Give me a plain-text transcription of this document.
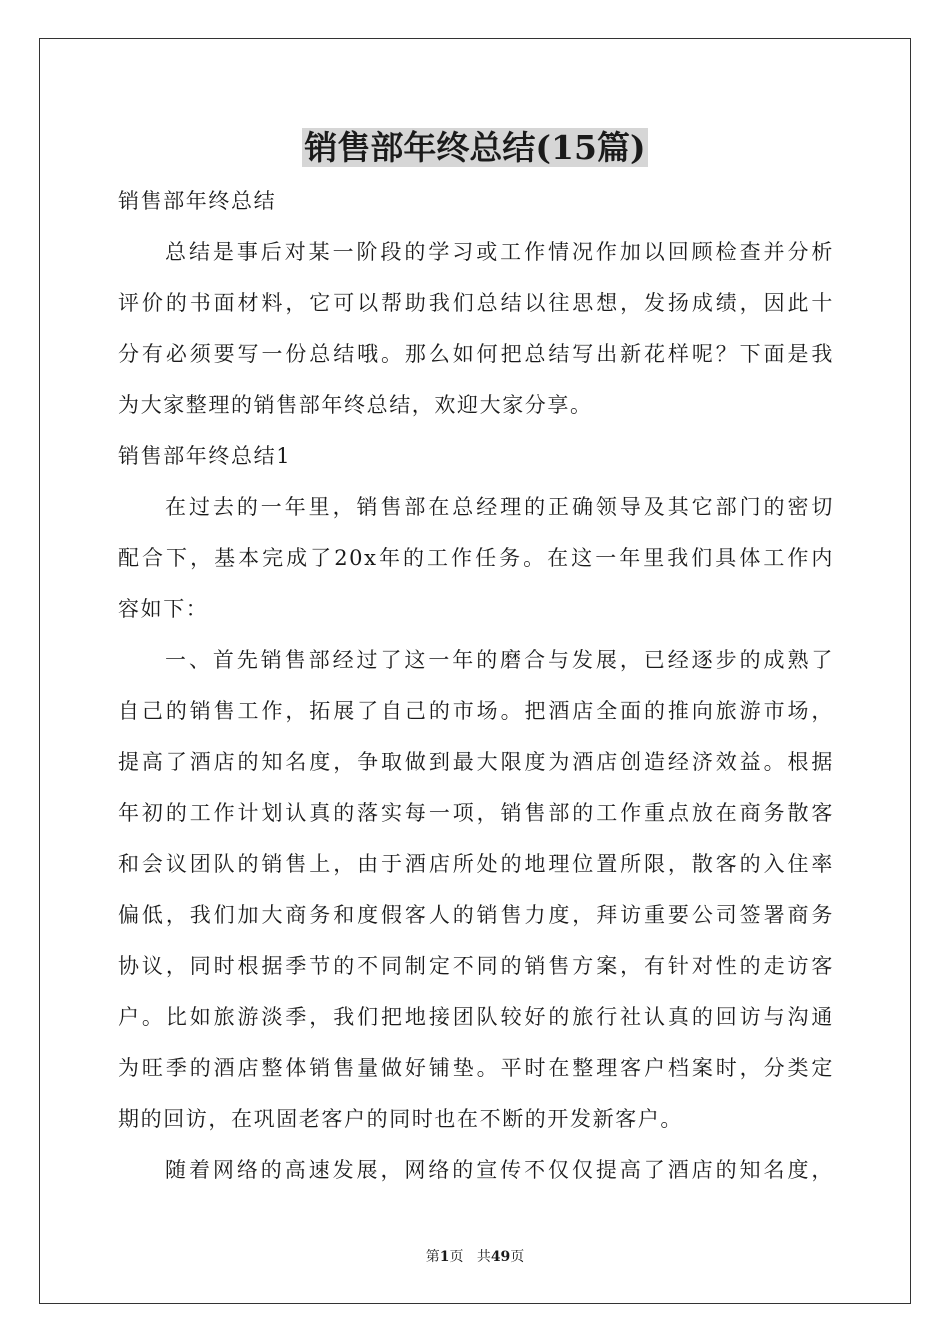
销售部年终总结(15篇)
销售部年终总结
总结是事后对某一阶段的学习或工作情况作加以回顾检查并分析
评价的书面材料，它可以帮助我们总结以往思想，发扬成绩，因此十
分有必须要写一份总结哦。那么如何把总结写出新花样呢？下面是我
为大家整理的销售部年终总结，欢迎大家分享。
销售部年终总结1
在过去的一年里，销售部在总经理的正确领导及其它部门的密切
配合下，基本完成了20x年的工作任务。在这一年里我们具体工作内
容如下：
一、首先销售部经过了这一年的磨合与发展，已经逐步的成熟了
自己的销售工作，拓展了自己的市场。把酒店全面的推向旅游市场，
提高了酒店的知名度，争取做到最大限度为酒店创造经济效益。根据
年初的工作计划认真的落实每一项，销售部的工作重点放在商务散客
和会议团队的销售上，由于酒店所处的地理位置所限，散客的入住率
偏低，我们加大商务和度假客人的销售力度，拜访重要公司签署商务
协议，同时根据季节的不同制定不同的销售方案，有针对性的走访客
户。比如旅游淡季，我们把地接团队较好的旅行社认真的回访与沟通
为旺季的酒店整体销售量做好铺垫。平时在整理客户档案时，分类定
期的回访，在巩固老客户的同时也在不断的开发新客户。
随着网络的高速发展，网络的宣传不仅仅提高了酒店的知名度，
第1页 共49页
